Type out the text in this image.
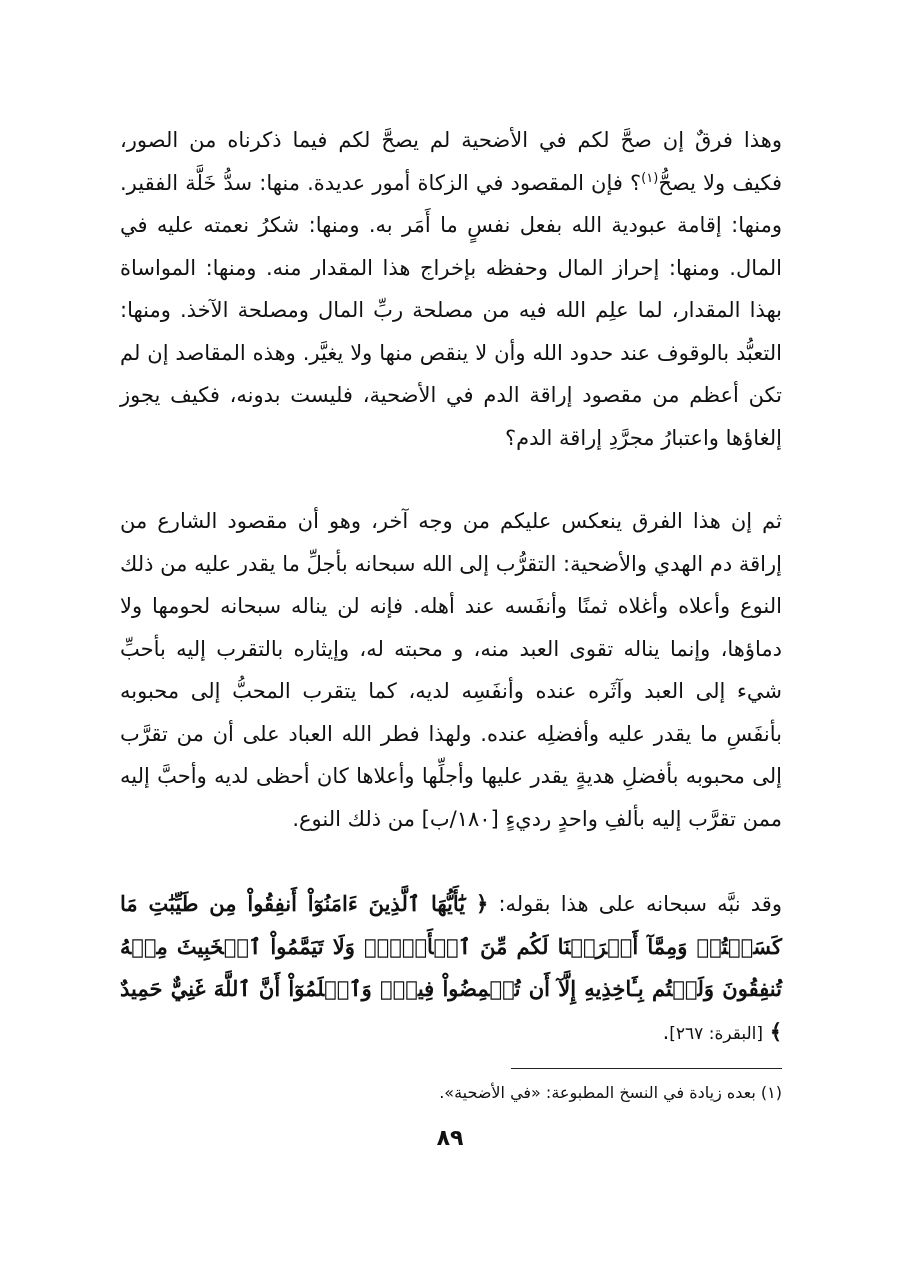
وهذا فرقٌ إن صحَّ لكم في الأضحية لم يصحَّ لكم فيما ذكرناه من الصور، فكيف ولا يصحُّ$^{(١)}$؟ فإن المقصود في الزكاة أمور عديدة. منها: سدُّ خَلَّة الفقير. ومنها: إقامة عبودية الله بفعل نفسٍ ما أَمَر به. ومنها: شكرُ نعمته عليه في المال. ومنها: إحراز المال وحفظه بإخراج هذا المقدار منه. ومنها: المواساة بهذا المقدار، لما علِم الله فيه من مصلحة ربِّ المال ومصلحة الآخذ. ومنها: التعبُّد بالوقوف عند حدود الله وأن لا ينقص منها ولا يغيَّر. وهذه المقاصد إن لم تكن أعظم من مقصود إراقة الدم في الأضحية، فليست بدونه، فكيف يجوز إلغاؤها واعتبارُ مجرَّدِ إراقة الدم؟

ثم إن هذا الفرق ينعكس عليكم من وجه آخر، وهو أن مقصود الشارع من إراقة دم الهدي والأضحية: التقرُّب إلى الله سبحانه بأجلِّ ما يقدر عليه من ذلك النوع وأعلاه وأغلاه ثمنًا وأنفَسه عند أهله. فإنه لن يناله سبحانه لحومها ولا دماؤها، وإنما يناله تقوى العبد منه، و محبته له، وإيثاره بالتقرب إليه بأحبِّ شيء إلى العبد وآثَره عنده وأنفَسِه لديه، كما يتقرب المحبُّ إلى محبوبه بأنفَسِ ما يقدر عليه وأفضلِه عنده. ولهذا فطر الله العباد على أن من تقرَّب إلى محبوبه بأفضلِ هديةٍ يقدر عليها وأجلِّها وأعلاها كان أحظى لديه وأحبَّ إليه ممن تقرَّب إليه بألفِ واحدٍ رديءٍ [١٨٠/ب] من ذلك النوع.

وقد نبَّه سبحانه على هذا بقوله: ﴿ يَٰٓأَيُّهَا ٱلَّذِينَ ءَامَنُوٓاْ أَنفِقُواْ مِن طَيِّبَٰتِ مَا كَسَبۡتُمۡ وَمِمَّآ أَخۡرَجۡنَا لَكُم مِّنَ ٱلۡأَرۡضِۖ وَلَا تَيَمَّمُواْ ٱلۡخَبِيثَ مِنۡهُ تُنفِقُونَ وَلَسۡتُم بِـَٔاخِذِيهِ إِلَّآ أَن تُغۡمِضُواْ فِيهِۚ وَٱعۡلَمُوٓاْ أَنَّ ٱللَّهَ غَنِيٌّ حَمِيدٌ ﴾ [البقرة: ٢٦٧].

(١) بعده زيادة في النسخ المطبوعة: «في الأضحية».
٨٩
